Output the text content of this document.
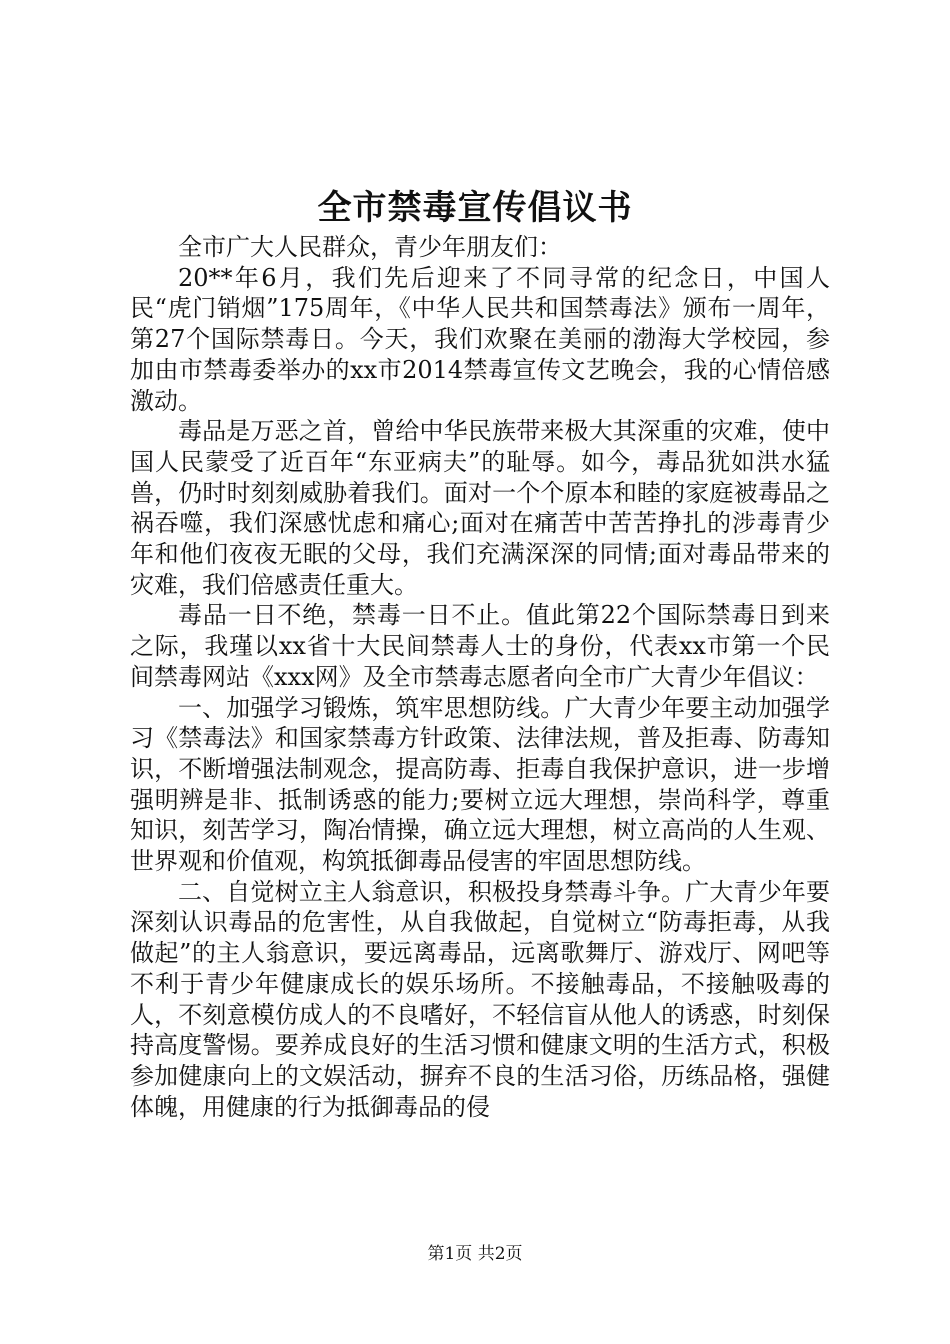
全市禁毒宣传倡议书

全市广大人民群众，青少年朋友们：

20**年6月，我们先后迎来了不同寻常的纪念日，中国人民“虎门销烟”175周年，《中华人民共和国禁毒法》颁布一周年，第27个国际禁毒日。今天，我们欢聚在美丽的渤海大学校园，参加由市禁毒委举办的xx市2014禁毒宣传文艺晚会，我的心情倍感激动。

毒品是万恶之首，曾给中华民族带来极大其深重的灾难，使中国人民蒙受了近百年“东亚病夫”的耻辱。如今，毒品犹如洪水猛兽，仍时时刻刻威胁着我们。面对一个个原本和睦的家庭被毒品之祸吞噬，我们深感忧虑和痛心;面对在痛苦中苦苦挣扎的涉毒青少年和他们夜夜无眠的父母，我们充满深深的同情;面对毒品带来的灾难，我们倍感责任重大。

毒品一日不绝，禁毒一日不止。值此第22个国际禁毒日到来之际，我瑾以xx省十大民间禁毒人士的身份，代表xx市第一个民间禁毒网站《xxx网》及全市禁毒志愿者向全市广大青少年倡议：

一、加强学习锻炼，筑牢思想防线。广大青少年要主动加强学习《禁毒法》和国家禁毒方针政策、法律法规，普及拒毒、防毒知识，不断增强法制观念，提高防毒、拒毒自我保护意识，进一步增强明辨是非、抵制诱惑的能力;要树立远大理想，崇尚科学，尊重知识，刻苦学习，陶冶情操，确立远大理想，树立高尚的人生观、世界观和价值观，构筑抵御毒品侵害的牢固思想防线。

二、自觉树立主人翁意识，积极投身禁毒斗争。广大青少年要深刻认识毒品的危害性，从自我做起，自觉树立“防毒拒毒，从我做起”的主人翁意识，要远离毒品，远离歌舞厅、游戏厅、网吧等不利于青少年健康成长的娱乐场所。不接触毒品，不接触吸毒的人，不刻意模仿成人的不良嗜好，不轻信盲从他人的诱惑，时刻保持高度警惕。要养成良好的生活习惯和健康文明的生活方式，积极参加健康向上的文娱活动，摒弃不良的生活习俗，历练品格，强健体魄，用健康的行为抵御毒品的侵

第1页 共2页
